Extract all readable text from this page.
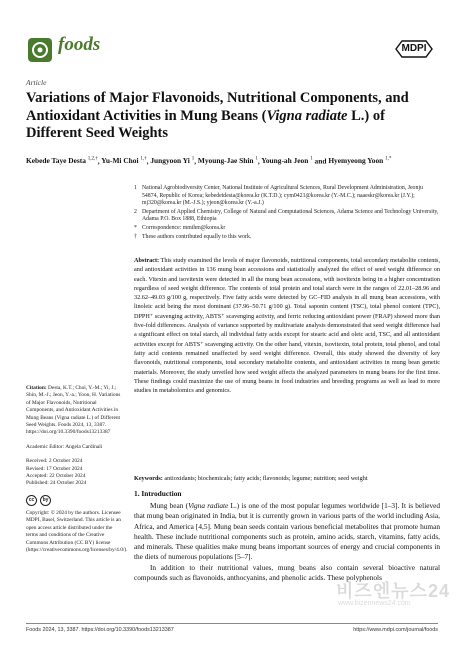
foods	MDPI
Article
Variations of Major Flavonoids, Nutritional Components, and Antioxidant Activities in Mung Beans (Vigna radiate L.) of Different Seed Weights
Kebede Taye Desta $^{1,2,\dagger}$, Yu-Mi Choi $^{1,\dagger}$, Jungyoon Yi $^1$, Myoung-Jae Shin $^1$, Young-ah Jeon $^1$ and Hyemyeong Yoon $^{1,*}$
1 National Agrobiodiversity Center, National Institute of Agricultural Sciences, Rural Development Administration, Jeonju 54874, Republic of Korea; kebedetdesta@korea.kr (K.T.D.); cym0421@korea.kr (Y.-M.C.); naaeskr@korea.kr (J.Y.); mj320@korea.kr (M.-J.S.); yjeon@korea.kr (Y.-a.J.)
2 Department of Applied Chemistry, College of Natural and Computational Sciences, Adama Science and Technology University, Adama P.O. Box 1888, Ethiopia
* Correspondence: mmihm@korea.kr
† These authors contributed equally to this work.
Abstract: This study examined the levels of major flavonoids, nutritional components, total secondary metabolite contents, and antioxidant activities in 136 mung bean accessions and statistically analyzed the effect of seed weight difference on each. Vitexin and isovitexin were detected in all the mung bean accessions, with isovitexin being in a higher concentration regardless of seed weight difference. The contents of total protein and total starch were in the ranges of 22.01–28.96 and 32.62–49.03 g/100 g, respectively. Five fatty acids were detected by GC–FID analysis in all mung bean accessions, with linoleic acid being the most dominant (37.96–50.71 g/100 g). Total saponin content (TSC), total phenol content (TPC), DPPH⁺ scavenging activity, ABTS⁺ scavenging activity, and ferric reducing antioxidant power (FRAP) showed more than five-fold differences. Analysis of variance supported by multivariate analysis demonstrated that seed weight difference had a significant effect on total starch, all individual fatty acids except for stearic acid and oleic acid, TSC, and all antioxidant activities except for ABTS⁺ scavenging activity. On the other hand, vitexin, isovitexin, total protein, total phenol, and total fatty acid contents remained unaffected by seed weight difference. Overall, this study showed the diversity of key flavonoids, nutritional components, total secondary metabolite contents, and antioxidant activities in mung bean genetic materials. Moreover, the study unveiled how seed weight affects the analyzed parameters in mung beans for the first time. These findings could maximize the use of mung beans in food industries and breeding programs as well as lead to more studies in metabolomics and genomics.
Keywords: antioxidants; biochemicals; fatty acids; flavonoids; legume; nutrition; seed weight
Citation: Desta, K.T.; Choi, Y.-M.; Yi, J.; Shin, M.-J.; Jeon, Y.-a.; Yoon, H. Variations of Major Flavonoids, Nutritional Components, and Antioxidant Activities in Mung Beans (Vigna radiate L.) of Different Seed Weights. Foods 2024, 13, 3387. https://doi.org/10.3390/foods13213387
Academic Editor: Angela Cardinali
Received: 2 October 2024
Revised: 17 October 2024
Accepted: 22 October 2024
Published: 24 October 2024
cc	by
Copyright: © 2024 by the authors. Licensee MDPI, Basel, Switzerland. This article is an open access article distributed under the terms and conditions of the Creative Commons Attribution (CC BY) license (https://creativecommons.org/licenses/by/4.0/).
1. Introduction

Mung bean (Vigna radiate L.) is one of the most popular legumes worldwide [1–3]. It is believed that mung bean originated in India, but it is currently grown in various parts of the world including Asia, Africa, and America [4,5]. Mung bean seeds contain various beneficial metabolites that promote human health. These include nutritional components such as protein, amino acids, starch, vitamins, fatty acids, and minerals. These qualities make mung beans important sources of energy and crucial components in the diets of numerous populations [5–7].

In addition to their nutritional values, mung beans also contain several bioactive natural compounds such as flavonoids, anthocyanins, and phenolic acids. These polyphenols

비즈엔뉴스24
www.bizennews24.com
Foods 2024, 13, 3387. https://doi.org/10.3390/foods13213387	https://www.mdpi.com/journal/foods
